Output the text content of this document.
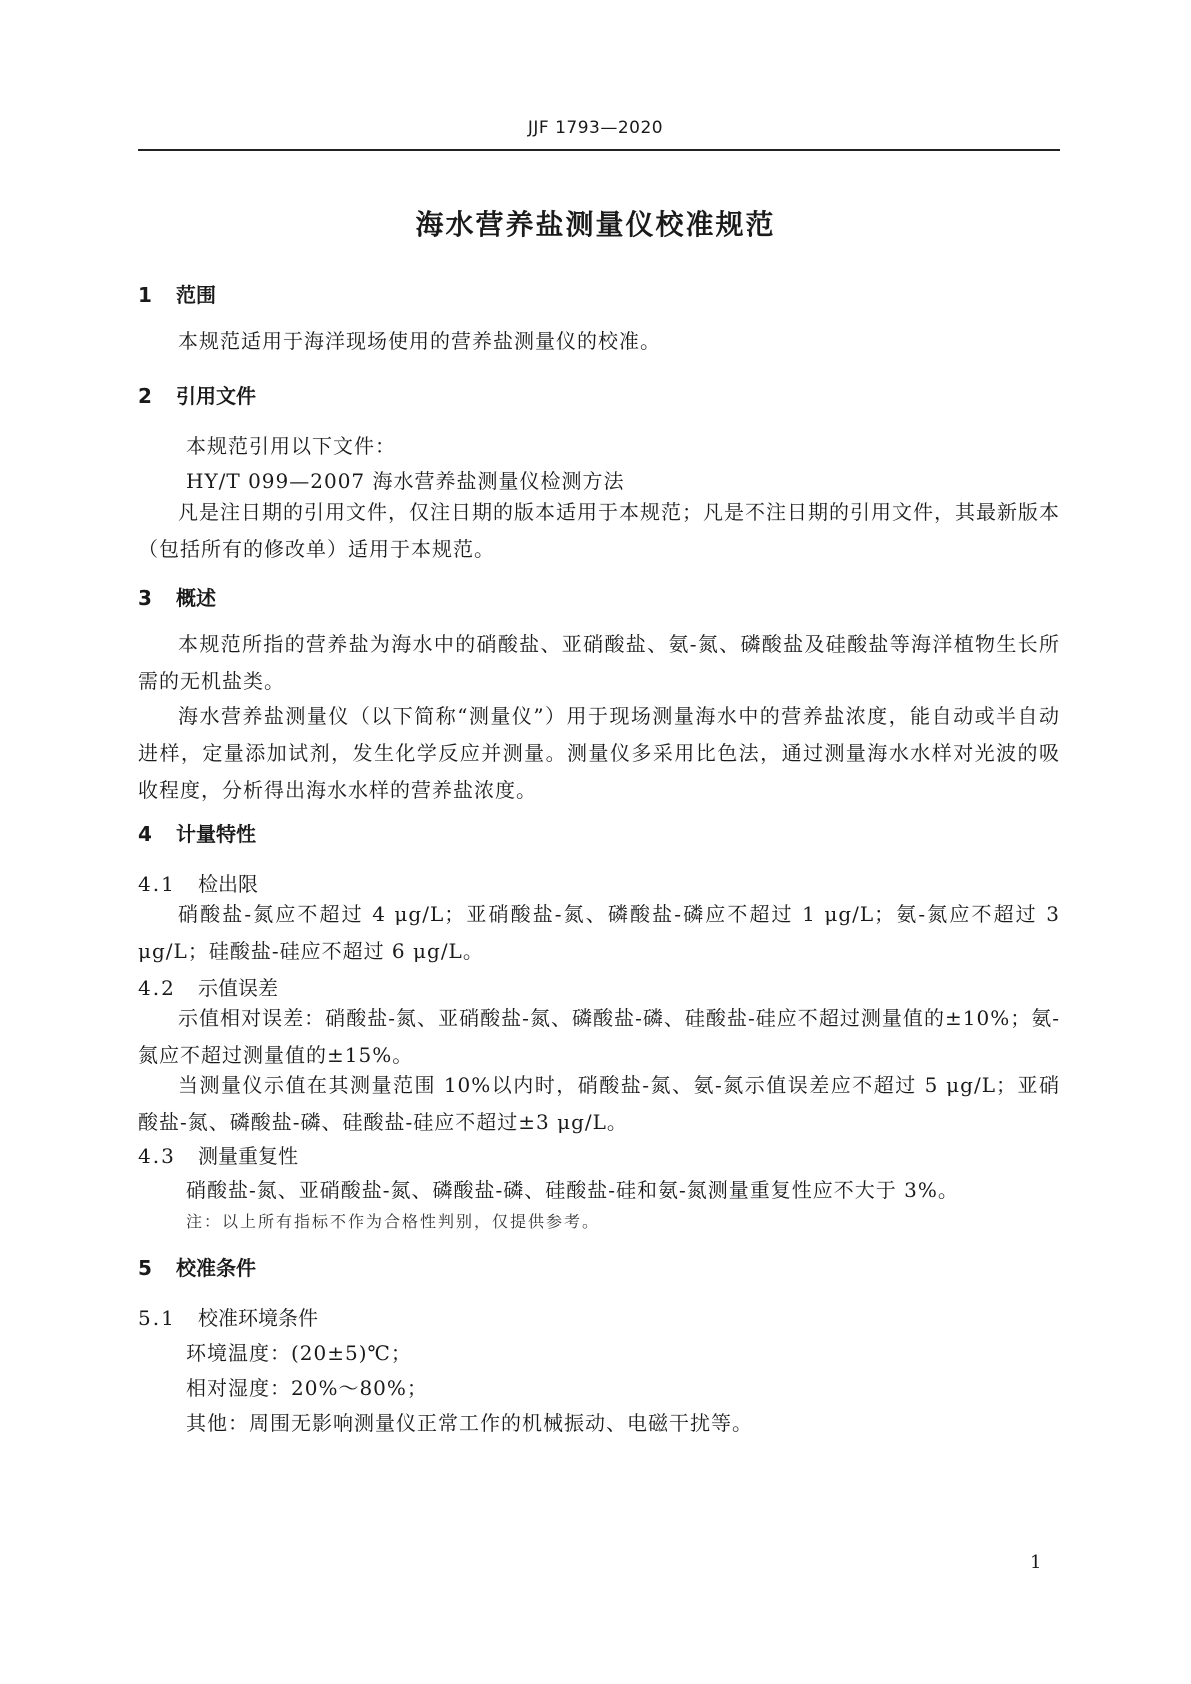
JJF 1793—2020
海水营养盐测量仪校准规范
1 范围

本规范适用于海洋现场使用的营养盐测量仪的校准。

2 引用文件
本规范引用以下文件：
HY/T 099—2007 海水营养盐测量仪检测方法

凡是注日期的引用文件，仅注日期的版本适用于本规范；凡是不注日期的引用文件，其最新版本（包括所有的修改单）适用于本规范。

3 概述

本规范所指的营养盐为海水中的硝酸盐、亚硝酸盐、氨-氮、磷酸盐及硅酸盐等海洋植物生长所需的无机盐类。

海水营养盐测量仪（以下简称“测量仪”）用于现场测量海水中的营养盐浓度，能自动或半自动进样，定量添加试剂，发生化学反应并测量。测量仪多采用比色法，通过测量海水水样对光波的吸收程度，分析得出海水水样的营养盐浓度。

4 计量特性
4.1 检出限

硝酸盐-氮应不超过 4 μg/L；亚硝酸盐-氮、磷酸盐-磷应不超过 1 μg/L；氨-氮应不超过 3 μg/L；硅酸盐-硅应不超过 6 μg/L。

4.2 示值误差

示值相对误差：硝酸盐-氮、亚硝酸盐-氮、磷酸盐-磷、硅酸盐-硅应不超过测量值的±10%；氨-氮应不超过测量值的±15%。

当测量仪示值在其测量范围 10%以内时，硝酸盐-氮、氨-氮示值误差应不超过 5 μg/L；亚硝酸盐-氮、磷酸盐-磷、硅酸盐-硅应不超过±3 μg/L。

4.3 测量重复性
硝酸盐-氮、亚硝酸盐-氮、磷酸盐-磷、硅酸盐-硅和氨-氮测量重复性应不大于 3%。
注：以上所有指标不作为合格性判别，仅提供参考。
5 校准条件
5.1 校准环境条件
环境温度：(20±5)℃；
相对湿度：20%～80%；
其他：周围无影响测量仪正常工作的机械振动、电磁干扰等。
1
